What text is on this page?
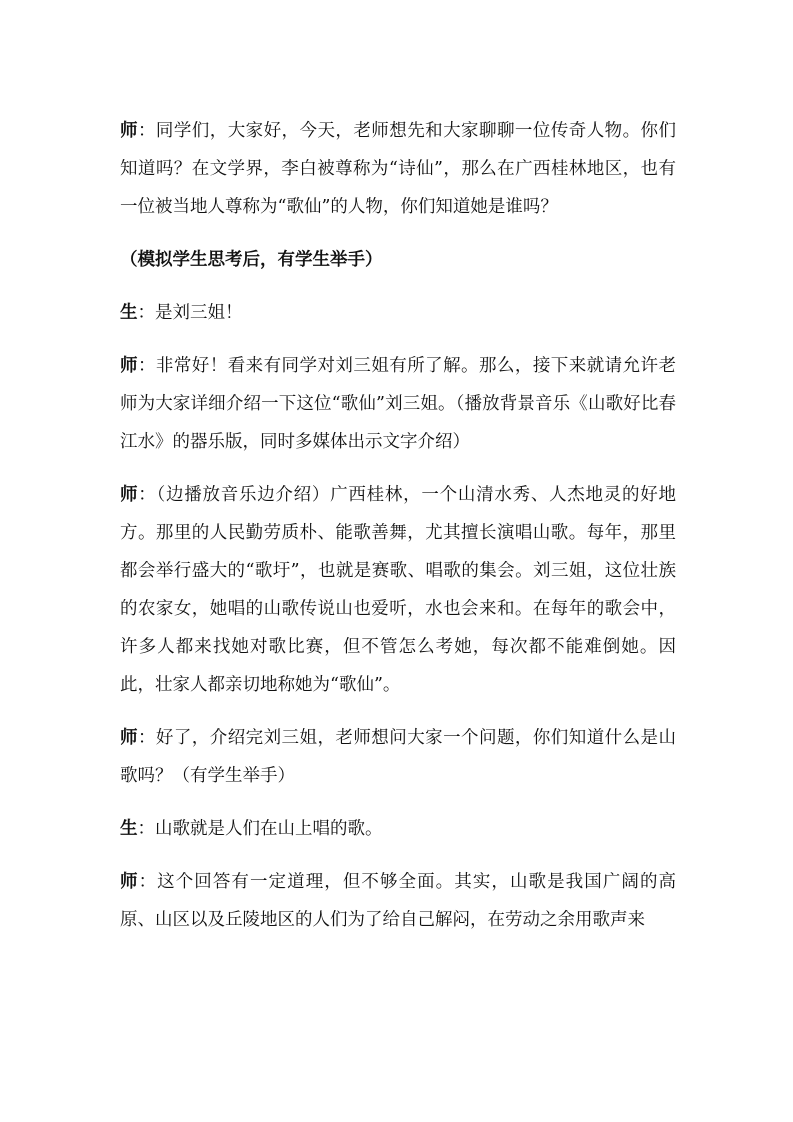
师：同学们，大家好，今天，老师想先和大家聊聊一位传奇人物。你们知道吗？在文学界，李白被尊称为“诗仙”，那么在广西桂林地区，也有一位被当地人尊称为“歌仙”的人物，你们知道她是谁吗？

（模拟学生思考后，有学生举手）

生：是刘三姐！

师：非常好！看来有同学对刘三姐有所了解。那么，接下来就请允许老师为大家详细介绍一下这位“歌仙”刘三姐。（播放背景音乐《山歌好比春江水》的器乐版，同时多媒体出示文字介绍）

师：（边播放音乐边介绍）广西桂林，一个山清水秀、人杰地灵的好地方。那里的人民勤劳质朴、能歌善舞，尤其擅长演唱山歌。每年，那里都会举行盛大的“歌圩”，也就是赛歌、唱歌的集会。刘三姐，这位壮族的农家女，她唱的山歌传说山也爱听，水也会来和。在每年的歌会中，许多人都来找她对歌比赛，但不管怎么考她，每次都不能难倒她。因此，壮家人都亲切地称她为“歌仙”。

师：好了，介绍完刘三姐，老师想问大家一个问题，你们知道什么是山歌吗？（有学生举手）

生：山歌就是人们在山上唱的歌。

师：这个回答有一定道理，但不够全面。其实，山歌是我国广阔的高原、山区以及丘陵地区的人们为了给自己解闷，在劳动之余用歌声来
